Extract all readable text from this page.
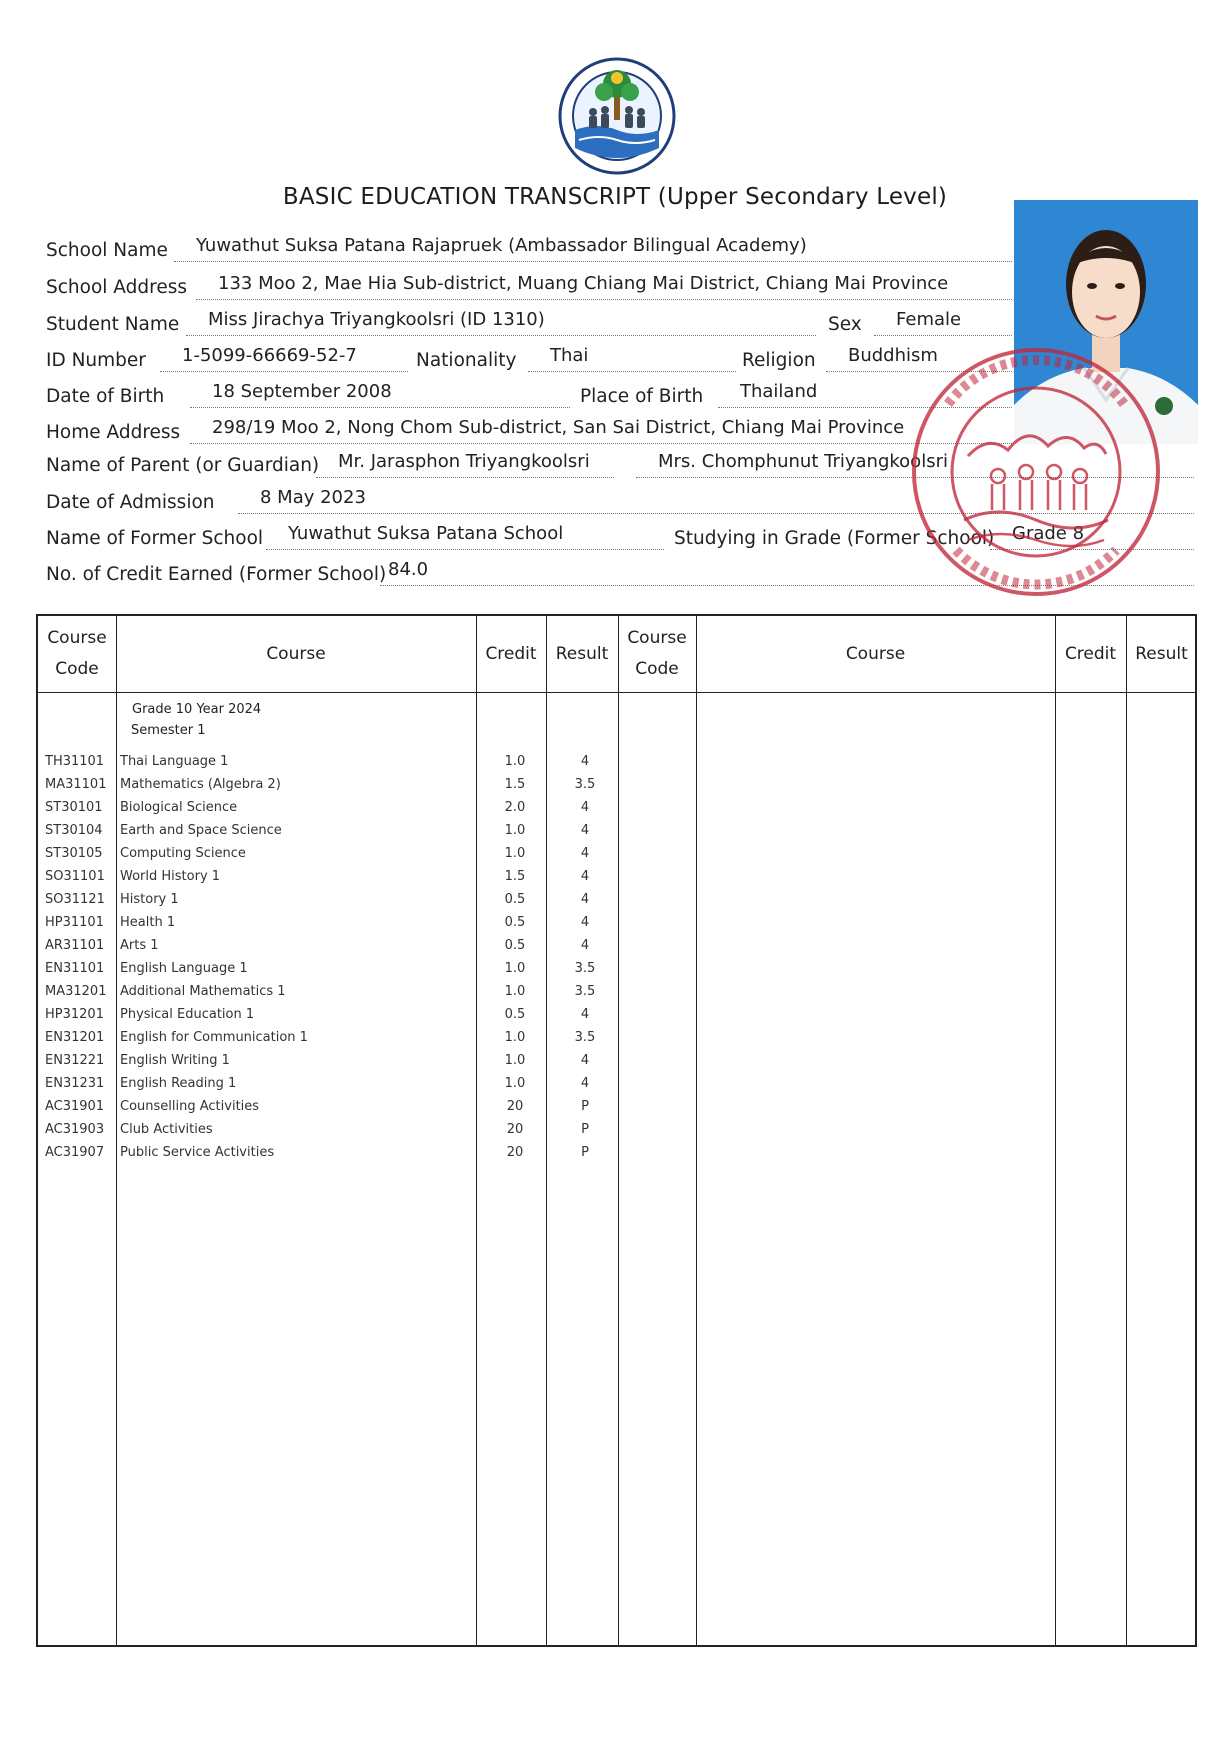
BASIC EDUCATION TRANSCRIPT (Upper Secondary Level)
School Name	Yuwathut Suksa Patana Rajapruek (Ambassador Bilingual Academy)
School Address	133 Moo 2, Mae Hia Sub-district, Muang Chiang Mai District, Chiang Mai Province
Student Name	Miss Jirachya Triyangkoolsri (ID 1310)	Sex	Female
ID Number	1-5099-66669-52-7	Nationality	Thai	Religion	Buddhism
Date of Birth	18 September 2008	Place of Birth	Thailand
Home Address	298/19 Moo 2, Nong Chom Sub-district, San Sai District, Chiang Mai Province
Name of Parent (or Guardian)	Mr. Jarasphon Triyangkoolsri	Mrs. Chomphunut Triyangkoolsri
Date of Admission	8 May 2023
Name of Former School	Yuwathut Suksa Patana School	Studying in Grade (Former School) Grade 8
No. of Credit Earned (Former School) 84.0
Course
Code
Course	Credit	Result
Course
Code
Course	Credit	Result
Grade 10 Year 2024
Semester 1
TH31101 Thai Language 1	1.0	4
MA31101 Mathematics (Algebra 2)	1.5	3.5
ST30101 Biological Science	2.0	4
ST30104 Earth and Space Science	1.0	4
ST30105 Computing Science	1.0	4
SO31101 World History 1	1.5	4
SO31121 History 1	0.5	4
HP31101 Health 1	0.5	4
AR31101 Arts 1	0.5	4
EN31101 English Language 1	1.0	3.5
MA31201 Additional Mathematics 1	1.0	3.5
HP31201 Physical Education 1	0.5	4
EN31201 English for Communication 1	1.0	3.5
EN31221 English Writing 1	1.0	4
EN31231 English Reading 1	1.0	4
AC31901 Counselling Activities	20	P
AC31903 Club Activities	20	P
AC31907 Public Service Activities	20	P
